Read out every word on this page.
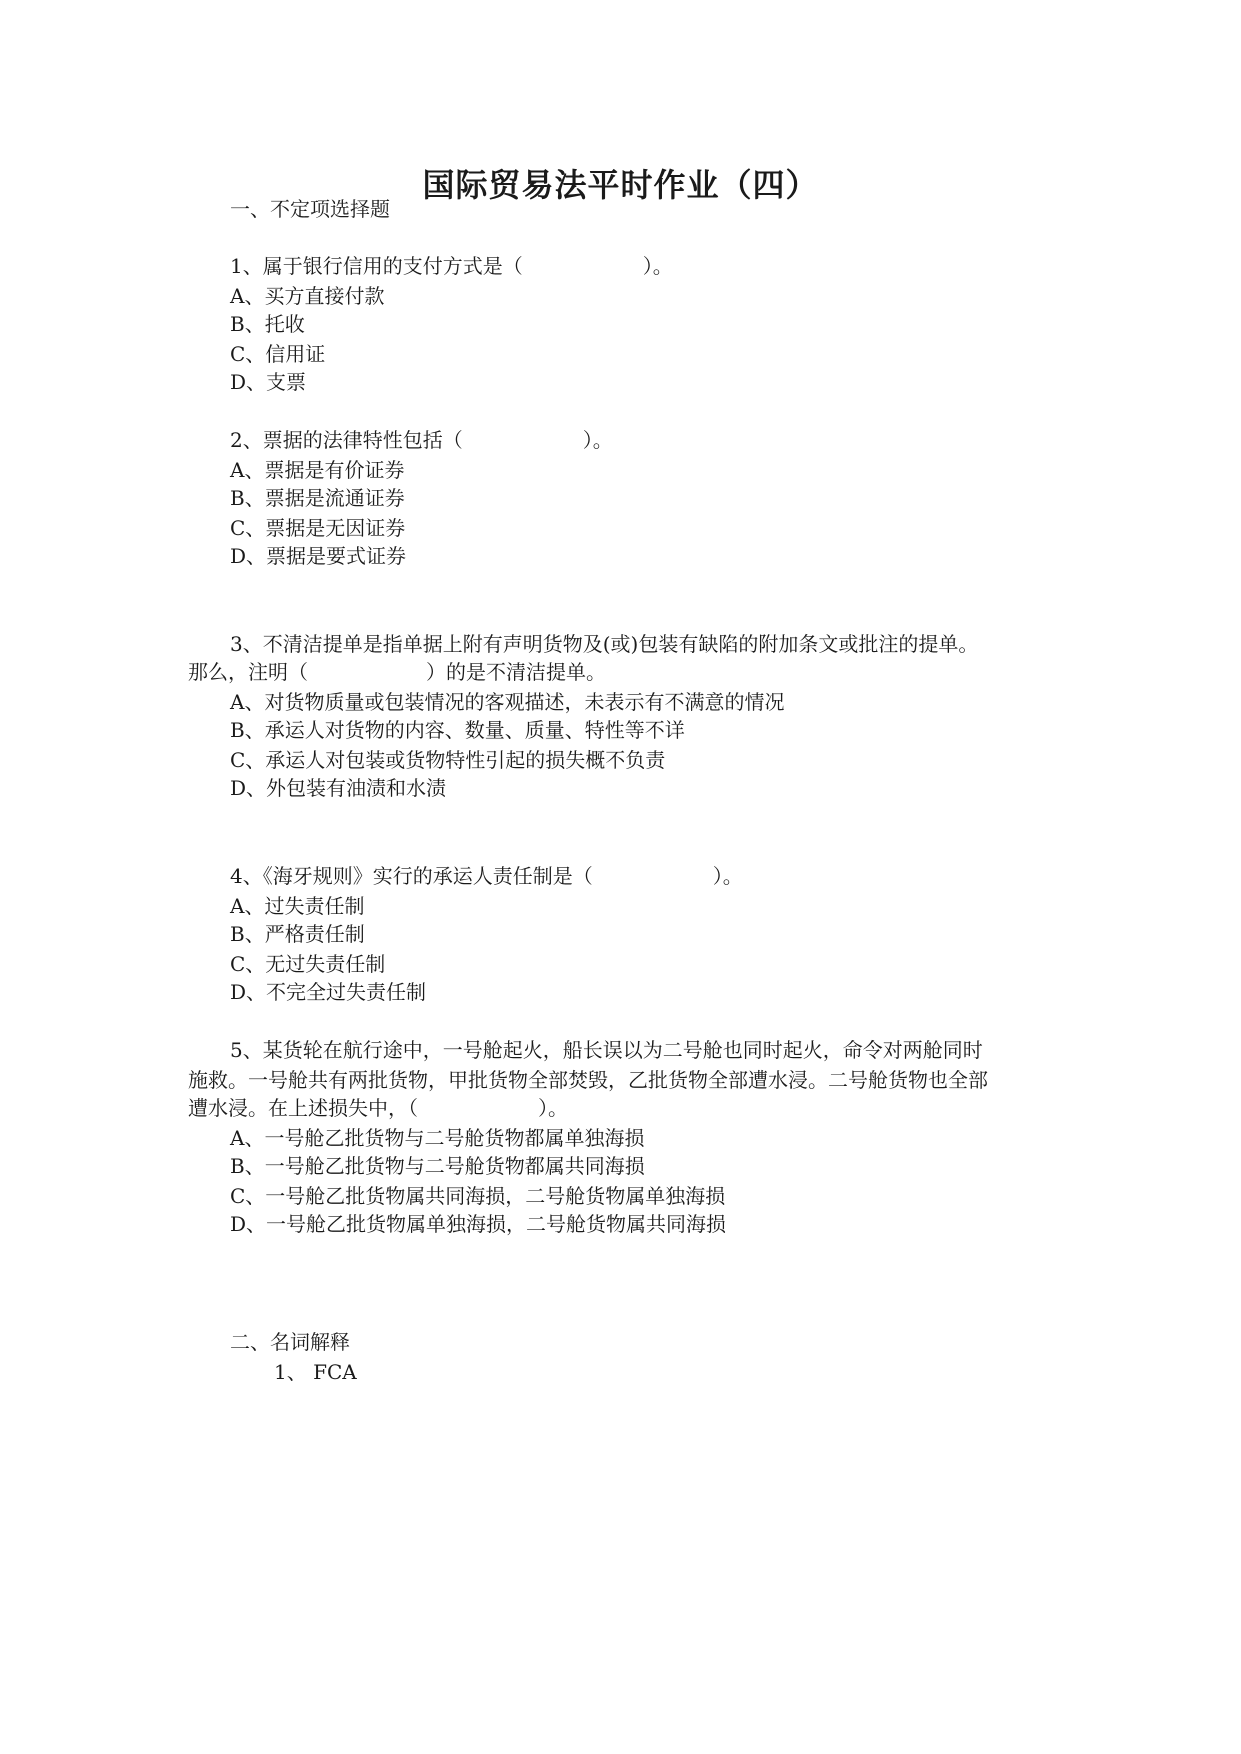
国际贸易法平时作业（四）
一、不定项选择题
1、属于银行信用的支付方式是（	）。
A、买方直接付款
B、托收
C、信用证
D、支票
2、票据的法律特性包括（	）。
A、票据是有价证券
B、票据是流通证券
C、票据是无因证券
D、票据是要式证券
3、不清洁提单是指单据上附有声明货物及(或)包装有缺陷的附加条文或批注的提单。
那么，注明（	）的是不清洁提单。
A、对货物质量或包装情况的客观描述，未表示有不满意的情况
B、承运人对货物的内容、数量、质量、特性等不详
C、承运人对包装或货物特性引起的损失概不负责
D、外包装有油渍和水渍
4、《海牙规则》实行的承运人责任制是（	）。
A、过失责任制
B、严格责任制
C、无过失责任制
D、不完全过失责任制
5、某货轮在航行途中，一号舱起火，船长误以为二号舱也同时起火，命令对两舱同时
施救。一号舱共有两批货物，甲批货物全部焚毁，乙批货物全部遭水浸。二号舱货物也全部
遭水浸。在上述损失中，（	）。
A、一号舱乙批货物与二号舱货物都属单独海损
B、一号舱乙批货物与二号舱货物都属共同海损
C、一号舱乙批货物属共同海损，二号舱货物属单独海损
D、一号舱乙批货物属单独海损，二号舱货物属共同海损
二、名词解释
1、 FCA
